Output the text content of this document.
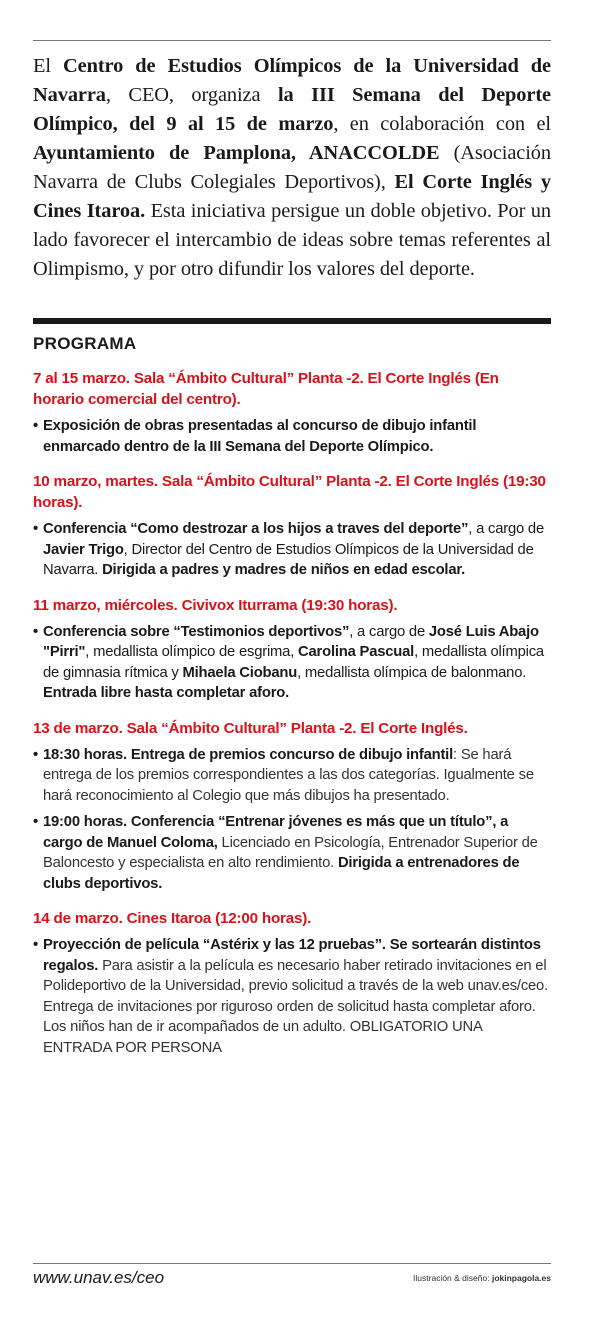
El Centro de Estudios Olímpicos de la Universidad de Navarra, CEO, organiza la III Semana del Deporte Olímpico, del 9 al 15 de marzo, en colaboración con el Ayuntamiento de Pamplona, ANACCOLDE (Asociación Navarra de Clubs Colegiales Deportivos), El Corte Inglés y Cines Itaroa. Esta iniciativa persigue un doble objetivo. Por un lado favorecer el intercambio de ideas sobre temas referentes al Olimpismo, y por otro difundir los valores del deporte.

PROGRAMA
7 al 15 marzo. Sala “Ámbito Cultural” Planta -2. El Corte Inglés (En horario comercial del centro).
• Exposición de obras presentadas al concurso de dibujo infantil enmarcado dentro de la III Semana del Deporte Olímpico.
10 marzo, martes. Sala “Ámbito Cultural” Planta -2. El Corte Inglés (19:30 horas).
• Conferencia “Como destrozar a los hijos a traves del deporte”, a cargo de Javier Trigo, Director del Centro de Estudios Olímpicos de la Universidad de Navarra. Dirigida a padres y madres de niños en edad escolar.
11 marzo, miércoles. Civivox Iturrama (19:30 horas).
• Conferencia sobre “Testimonios deportivos”, a cargo de José Luis Abajo "Pirri", medallista olímpico de esgrima, Carolina Pascual, medallista olímpica de gimnasia rítmica y Mihaela Ciobanu, medallista olímpica de balonmano. Entrada libre hasta completar aforo.
13 de marzo. Sala “Ámbito Cultural” Planta -2. El Corte Inglés.
• 18:30 horas. Entrega de premios concurso de dibujo infantil: Se hará entrega de los premios correspondientes a las dos categorías. Igualmente se hará reconocimiento al Colegio que más dibujos ha presentado.
• 19:00 horas. Conferencia “Entrenar jóvenes es más que un título”, a cargo de Manuel Coloma, Licenciado en Psicología, Entrenador Superior de Baloncesto y especialista en alto rendimiento. Dirigida a entrenadores de clubs deportivos.
14 de marzo. Cines Itaroa (12:00 horas).
• Proyección de película “Astérix y las 12 pruebas”. Se sortearán distintos regalos. Para asistir a la película es necesario haber retirado invitaciones en el Polideportivo de la Universidad, previo solicitud a través de la web unav.es/ceo. Entrega de invitaciones por riguroso orden de solicitud hasta completar aforo. Los niños han de ir acompañados de un adulto. OBLIGATORIO UNA ENTRADA POR PERSONA
www.unav.es/ceo	Ilustración & diseño: jokinpagola.es
